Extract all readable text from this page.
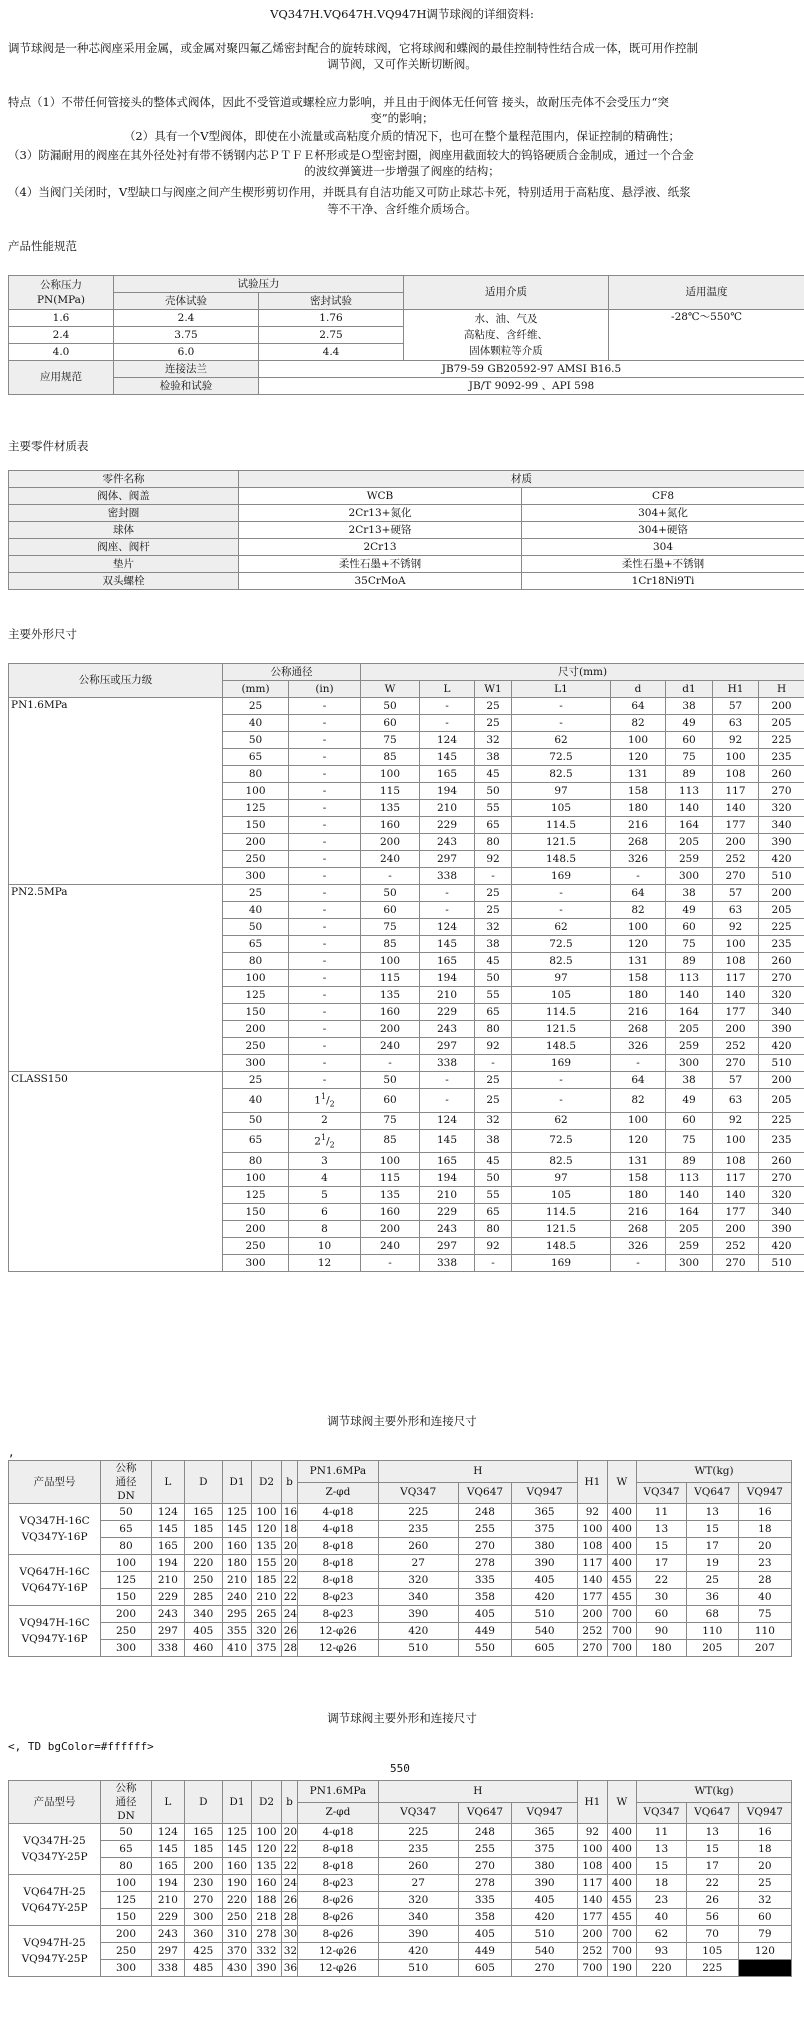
VQ347H.VQ647H.VQ947H调节球阀的详细资料:
调节球阀是一种芯阀座采用金属，或金属对聚四氟乙烯密封配合的旋转球阀，它将球阀和蝶阀的最佳控制特性结合成一体，既可用作控制
调节阀，又可作关断切断阀。
特点（1）不带任何管接头的整体式阀体，因此不受管道或螺栓应力影响，并且由于阀体无任何管 接头，故耐压壳体不会受压力“突
变”的影响；
（2）具有一个V型阀体，即使在小流量或高粘度介质的情况下，也可在整个量程范围内，保证控制的精确性；
（3）防漏耐用的阀座在其外径处衬有带不锈钢内芯ＰＴＦＥ杯形或是Ｏ型密封圈，阀座用截面较大的钨铬硬质合金制成，通过一个合金
的波纹弹簧进一步增强了阀座的结构；
（4）当阀门关闭时，V型缺口与阀座之间产生楔形剪切作用，并既具有自洁功能又可防止球芯卡死，特别适用于高粘度、悬浮液、纸浆
等不干净、含纤维介质场合。
产品性能规范
公称压力
PN(MPa)	试验压力		适用介质	适用温度
	壳体试验	密封试验		
1.6	2.4	1.76	水、油、气及
高粘度、含纤维、
固体颗粒等介质	-28℃～550℃
2.4	3.75	2.75		
4.0	6.0	4.4		
应用规范	连接法兰	JB79-59 GB20592-97 AMSI B16.5		
	检验和试验	JB/T 9092-99 、API 598		
主要零件材质表
零件名称	材质	
阀体、阀盖	WCB	CF8
密封圈	2Cr13+氮化	304+氮化
球体	2Cr13+硬铬	304+硬铬
阀座、阀杆	2Cr13	304
垫片	柔性石墨+不锈钢	柔性石墨+不锈钢
双头螺栓	35CrMoA	1Cr18Ni9Ti
主要外形尺寸
公称压或压力级	公称通径		尺寸(mm)							
	(mm)	(in)	W	L	W1	L1	d	d1	H1	H
PN1.6MPa	25	-	50	-	25	-	64	38	57	200
	40	-	60	-	25	-	82	49	63	205
	50	-	75	124	32	62	100	60	92	225
	65	-	85	145	38	72.5	120	75	100	235
	80	-	100	165	45	82.5	131	89	108	260
	100	-	115	194	50	97	158	113	117	270
	125	-	135	210	55	105	180	140	140	320
	150	-	160	229	65	114.5	216	164	177	340
	200	-	200	243	80	121.5	268	205	200	390
	250	-	240	297	92	148.5	326	259	252	420
	300	-	-	338	-	169	-	300	270	510
PN2.5MPa	25	-	50	-	25	-	64	38	57	200
	40	-	60	-	25	-	82	49	63	205
	50	-	75	124	32	62	100	60	92	225
	65	-	85	145	38	72.5	120	75	100	235
	80	-	100	165	45	82.5	131	89	108	260
	100	-	115	194	50	97	158	113	117	270
	125	-	135	210	55	105	180	140	140	320
	150	-	160	229	65	114.5	216	164	177	340
	200	-	200	243	80	121.5	268	205	200	390
	250	-	240	297	92	148.5	326	259	252	420
	300	-	-	338	-	169	-	300	270	510
CLASS150	25	-	50	-	25	-	64	38	57	200
	40	$1^1/_2$	60	-	25	-	82	49	63	205
	50	2	75	124	32	62	100	60	92	225
	65	$2^1/_2$	85	145	38	72.5	120	75	100	235
	80	3	100	165	45	82.5	131	89	108	260
	100	4	115	194	50	97	158	113	117	270
	125	5	135	210	55	105	180	140	140	320
	150	6	160	229	65	114.5	216	164	177	340
	200	8	200	243	80	121.5	268	205	200	390
	250	10	240	297	92	148.5	326	259	252	420
	300	12	-	338	-	169	-	300	270	510
调节球阀主要外形和连接尺寸
,
产品型号	公称
通径
DN	L	D	D1	D2	b	PN1.6MPa	H			H1	W	WT(kg)		
							Z-φd	VQ347	VQ647	VQ947			VQ347	VQ647	VQ947

VQ347H-16C
VQ347Y-16P	50	124	165	125	100	16	4-φ18	225	248	365	92	400	11	13	16
	65	145	185	145	120	18	4-φ18	235	255	375	100	400	13	15	18
	80	165	200	160	135	20	8-φ18	260	270	380	108	400	15	17	20

VQ647H-16C
VQ647Y-16P	100	194	220	180	155	20	8-φ18	27	278	390	117	400	17	19	23
	125	210	250	210	185	22	8-φ18	320	335	405	140	455	22	25	28
	150	229	285	240	210	22	8-φ23	340	358	420	177	455	30	36	40

VQ947H-16C
VQ947Y-16P	200	243	340	295	265	24	8-φ23	390	405	510	200	700	60	68	75
	250	297	405	355	320	26	12-φ26	420	449	540	252	700	90	110	110
	300	338	460	410	375	28	12-φ26	510	550	605	270	700	180	205	207
调节球阀主要外形和连接尺寸
<, TD bgColor=#ffffff>
550
产品型号	公称
通径
DN	L	D	D1	D2	b	PN1.6MPa	H			H1	W	WT(kg)		
							Z-φd	VQ347	VQ647	VQ947			VQ347	VQ647	VQ947

VQ347H-25
VQ347Y-25P	50	124	165	125	100	20	4-φ18	225	248	365	92	400	11	13	16
	65	145	185	145	120	22	8-φ18	235	255	375	100	400	13	15	18
	80	165	200	160	135	22	8-φ18	260	270	380	108	400	15	17	20

VQ647H-25
VQ647Y-25P	100	194	230	190	160	24	8-φ23	27	278	390	117	400	18	22	25
	125	210	270	220	188	26	8-φ26	320	335	405	140	455	23	26	32
	150	229	300	250	218	28	8-φ26	340	358	420	177	455	40	56	60

VQ947H-25
VQ947Y-25P	200	243	360	310	278	30	8-φ26	390	405	510	200	700	62	70	79
	250	297	425	370	332	32	12-φ26	420	449	540	252	700	93	105	120
	300	338	485	430	390	36	12-φ26	510	605	270	700	190	220	225	
